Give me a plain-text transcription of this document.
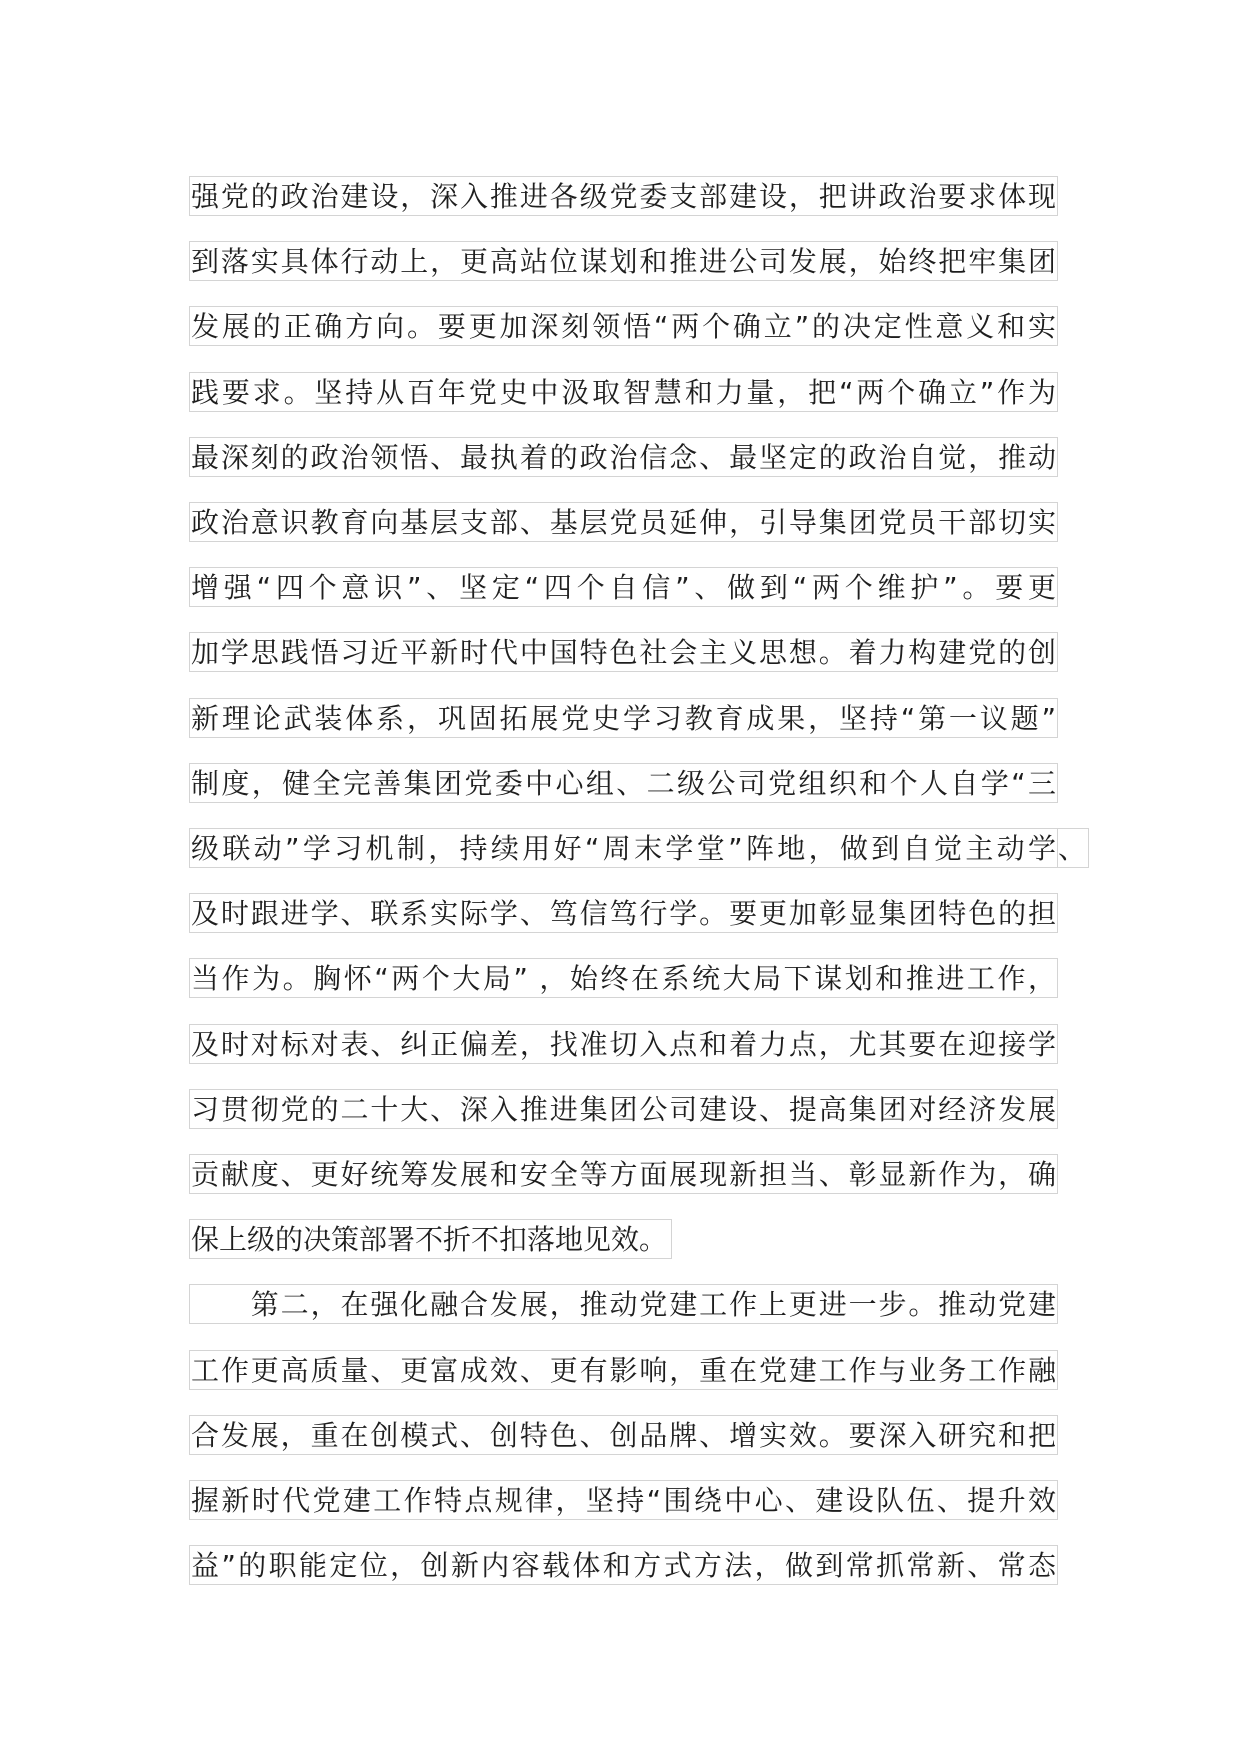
强党的政治建设，深入推进各级党委支部建设，把讲政治要求体现
到落实具体行动上，更高站位谋划和推进公司发展，始终把牢集团
发展的正确方向。要更加深刻领悟“两个确立”的决定性意义和实
践要求。坚持从百年党史中汲取智慧和力量，把“两个确立”作为
最深刻的政治领悟、最执着的政治信念、最坚定的政治自觉，推动
政治意识教育向基层支部、基层党员延伸，引导集团党员干部切实
增强“四个意识”、坚定“四个自信”、做到“两个维护”。要更
加学思践悟习近平新时代中国特色社会主义思想。着力构建党的创
新理论武装体系，巩固拓展党史学习教育成果，坚持“第一议题”
制度，健全完善集团党委中心组、二级公司党组织和个人自学“三
级联动”学习机制，持续用好“周末学堂”阵地，做到自觉主动学 、
及时跟进学、联系实际学、笃信笃行学。要更加彰显集团特色的担
当作为。胸怀“两个大局” ，始终在系统大局下谋划和推进工作，
及时对标对表、纠正偏差，找准切入点和着力点，尤其要在迎接学
习贯彻党的二十大、深入推进集团公司建设、提高集团对经济发展
贡献度、更好统筹发展和安全等方面展现新担当、彰显新作为，确
保上级的决策部署不折不扣落地见效。
　　第二，在强化融合发展，推动党建工作上更进一步。推动党建
工作更高质量、更富成效、更有影响，重在党建工作与业务工作融
合发展，重在创模式、创特色、创品牌、增实效。要深入研究和把
握新时代党建工作特点规律，坚持“围绕中心、建设队伍、提升效
益”的职能定位，创新内容载体和方式方法，做到常抓常新、常态
